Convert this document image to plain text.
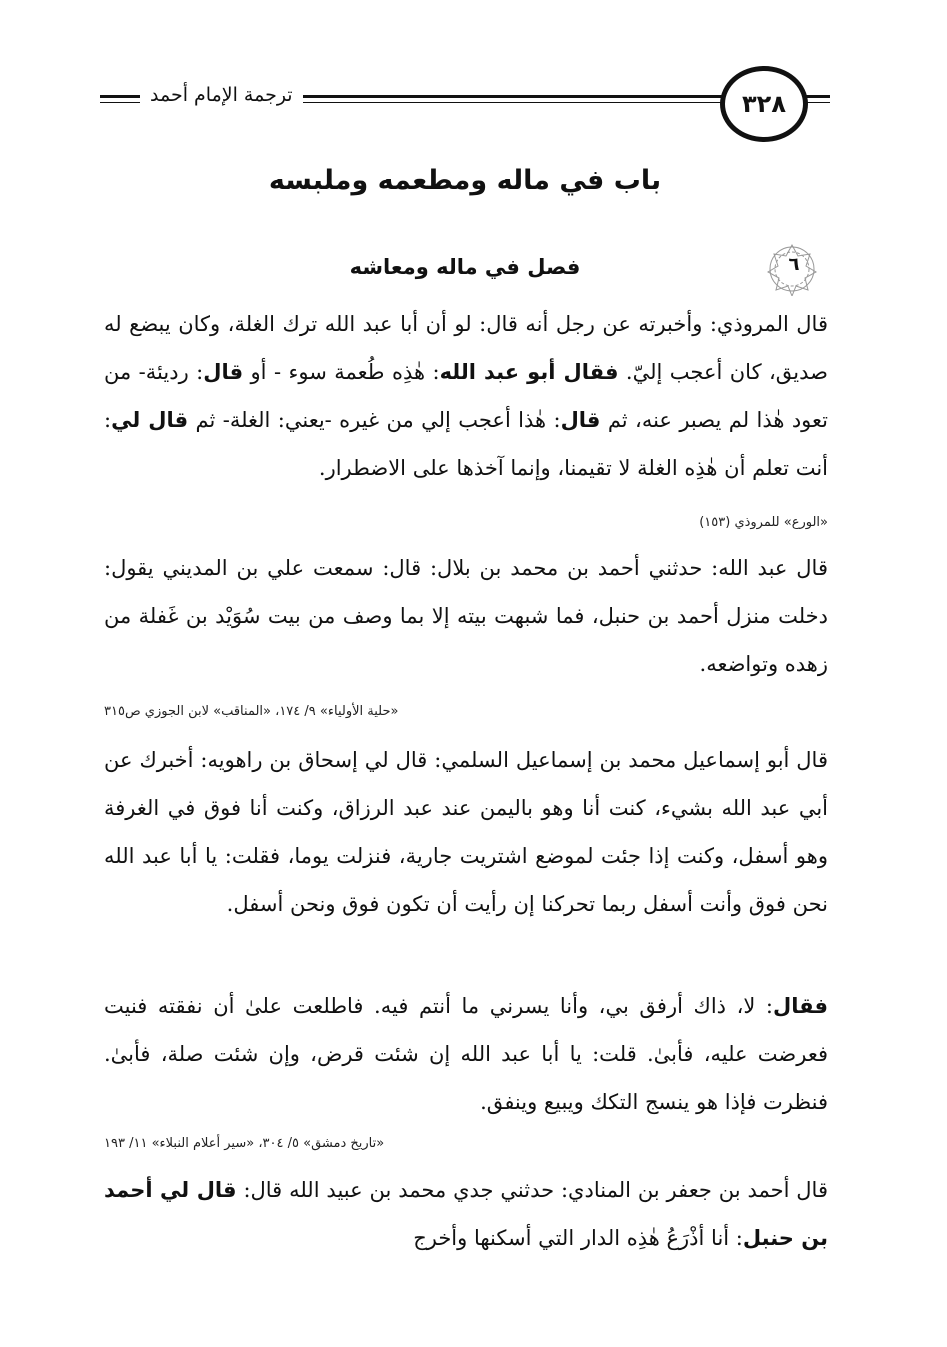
ترجمة الإمام أحمد	٣٢٨
باب في ماله ومطعمه وملبسه
٦
فصل في ماله ومعاشه
قال المروذي: وأخبرته عن رجل أنه قال: لو أن أبا عبد الله ترك الغلة، وكان يبضع له صديق، كان أعجب إليّ. فقال أبو عبد الله: هٰذِه طُعمة سوء - أو قال: رديئة- من تعود هٰذا لم يصبر عنه، ثم قال: هٰذا أعجب إلي من غيره -يعني: الغلة- ثم قال لي: أنت تعلم أن هٰذِه الغلة لا تقيمنا، وإنما آخذها على الاضطرار.
«الورع» للمروذي (١٥٣)
قال عبد الله: حدثني أحمد بن محمد بن بلال: قال: سمعت علي بن المديني يقول: دخلت منزل أحمد بن حنبل، فما شبهت بيته إلا بما وصف من بيت سُوَيْد بن غَفلة من زهده وتواضعه.
«حلية الأولياء» ٩/ ١٧٤، «المناقب» لابن الجوزي ص٣١٥
قال أبو إسماعيل محمد بن إسماعيل السلمي: قال لي إسحاق بن راهويه: أخبرك عن أبي عبد الله بشيء، كنت أنا وهو باليمن عند عبد الرزاق، وكنت أنا فوق في الغرفة وهو أسفل، وكنت إذا جئت لموضع اشتريت جارية، فنزلت يوما، فقلت: يا أبا عبد الله نحن فوق وأنت أسفل ربما تحركنا إن رأيت أن تكون فوق ونحن أسفل.
فقال: لا، ذاك أرفق بي، وأنا يسرني ما أنتم فيه. فاطلعت علىٰ أن نفقته فنيت فعرضت عليه، فأبىٰ. قلت: يا أبا عبد الله إن شئت قرض، وإن شئت صلة، فأبىٰ. فنظرت فإذا هو ينسج التكك ويبيع وينفق.
«تاريخ دمشق» ٥/ ٣٠٤، «سير أعلام النبلاء» ١١/ ١٩٣
قال أحمد بن جعفر بن المنادي: حدثني جدي محمد بن عبيد الله قال: قال لي أحمد بن حنبل: أنا أذْرَعُ هٰذِه الدار التي أسكنها وأخرج
